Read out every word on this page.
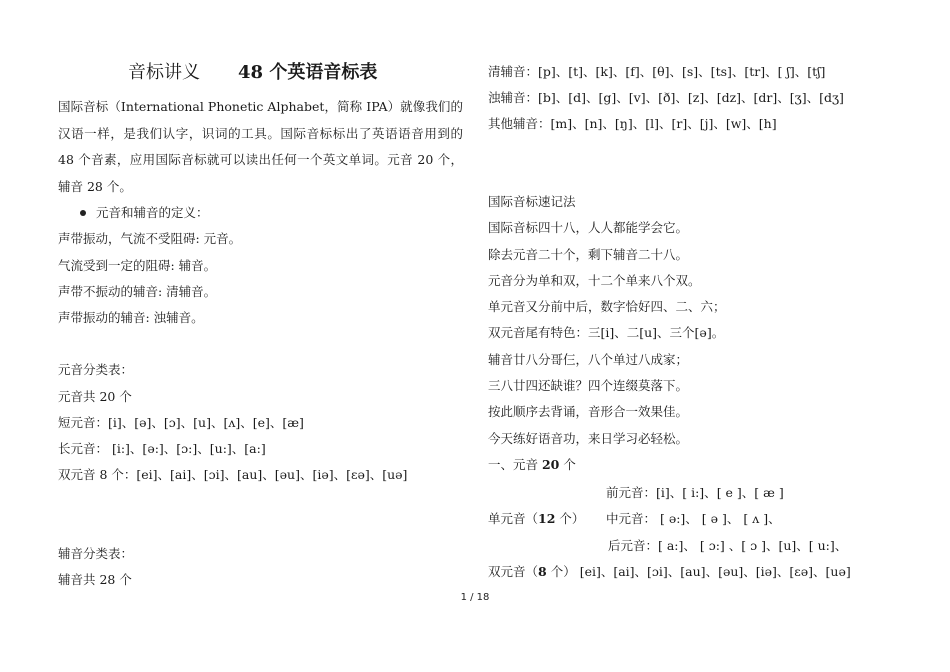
音标讲义 48 个英语音标表
国际音标（International Phonetic Alphabet，简称 IPA）就像我们的汉语一样，是我们认字，识词的工具。国际音标标出了英语语音用到的 48 个音素，应用国际音标就可以读出任何一个英文单词。元音 20 个，辅音 28 个。
元音和辅音的定义：
声带振动，气流不受阻碍: 元音。
气流受到一定的阻碍: 辅音。
声带不振动的辅音: 清辅音。
声带振动的辅音: 浊辅音。
元音分类表：
元音共 20 个
短元音：[i]、[ə]、[ɔ]、[u]、[ʌ]、[e]、[æ]
长元音： [i:]、[ə:]、[ɔ:]、[u:]、[a:]
双元音 8 个：[ei]、[ai]、[ɔi]、[au]、[əu]、[iə]、[εə]、[uə]
辅音分类表：
辅音共 28 个
清辅音：[p]、[t]、[k]、[f]、[θ]、[s]、[ts]、[tr]、[ ʃ]、[tʃ]
浊辅音：[b]、[d]、[g]、[v]、[ð]、[z]、[dz]、[dr]、[ʒ]、[dʒ]
其他辅音：[m]、[n]、[ŋ]、[l]、[r]、[j]、[w]、[h]
国际音标速记法
国际音标四十八，人人都能学会它。
除去元音二十个，剩下辅音二十八。
元音分为单和双，十二个单来八个双。
单元音又分前中后，数字恰好四、二、六；
双元音尾有特色：三[i]、二[u]、三个[ə]。
辅音廿八分哥仨，八个单过八成家；
三八廿四还缺谁？四个连缀莫落下。
按此顺序去背诵，音形合一效果佳。
今天练好语音功，来日学习必轻松。
一、元音 20 个
前元音：[i]、[ i:]、[ e ]、[ æ ]
单元音（12 个） 中元音： [ ə:]、 [ ə ]、 [ ʌ ]、
后元音：[ a:]、 [ ɔ:] 、[ ɔ ]、[u]、[ u:]、
双元音（8 个） [ei]、[ai]、[ɔi]、[au]、[əu]、[iə]、[εə]、[uə]
1 / 18
